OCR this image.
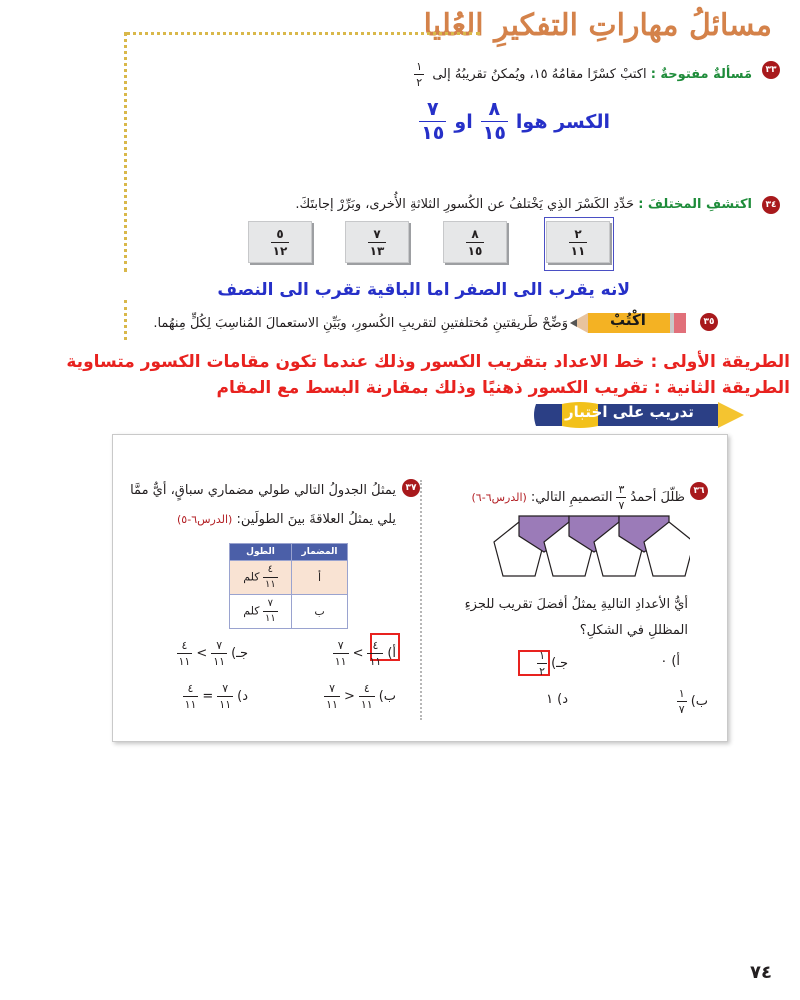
مسائلُ مهاراتِ التفكيرِ العُليا
٣٣
مَسألةٌ مفتوحةٌ : اكتبْ كسْرًا مقامُهُ ١٥، ويُمكنُ تقريبُهُ إلى
$\frac{١}{٢}$
الكسر هوا
$\frac{٨}{١٥}$
او
$\frac{٧}{١٥}$
٣٤
اكتشفِ المختلفَ : حَدِّدِ الكَسْرَ الذِي يَخْتلفُ عن الكُسورِ الثلاثةِ الأُخرى، وبَرِّرْ إجابتَكَ.
$\frac{٢}{١١}$
$\frac{٨}{١٥}$
$\frac{٧}{١٣}$
$\frac{٥}{١٢}$
لانه يقرب الى الصفر اما الباقية تقرب الى النصف
٣٥
اكْتُبْ
وَضِّحْ طَريقتينِ مُختلفتينِ لتقريبِ الكُسورِ، وبَيِّنِ الاستعمالَ المُناسِبَ لِكُلٍّ مِنهُما.
الطريقة الأولى : خط الاعداد بتقريب الكسور وذلك عندما تكون مقامات الكسور متساوية
الطريقة الثانية : تقريب الكسور ذهنيًا وذلك بمقارنة البسط مع المقام
تدريب على اختبار
٣٦
ظلّلَ أحمدُ
$\frac{٣}{٧}$
التصميمِ التالي:
(الدرس٦-٦)
أيُّ الأعدادِ التاليةِ يمثلُ أفضلَ تقريب للجزءِ
المظللِ في الشكلِ؟
أ)
٠
جـ)
$\frac{١}{٢}$
ب)
$\frac{١}{٧}$
د)
١
٣٧
يمثلُ الجدولُ التالي طولي مضماري سباقٍ، أيٌّ ممَّا
يلي يمثلُ العلاقةَ بينَ الطولَين: (الدرس٦-٥)
المضمار	الطول
أ	$\frac{٤}{١١}$
كلم
ب	$\frac{٧}{١١}$
كلم
أ)
$\frac{٤}{١١}$
>
$\frac{٧}{١١}$
جـ)
$\frac{٧}{١١}$
>
$\frac{٤}{١١}$
ب)
$\frac{٤}{١١}$
<
$\frac{٧}{١١}$
د)
$\frac{٧}{١١}$
=
$\frac{٤}{١١}$
٧٤
